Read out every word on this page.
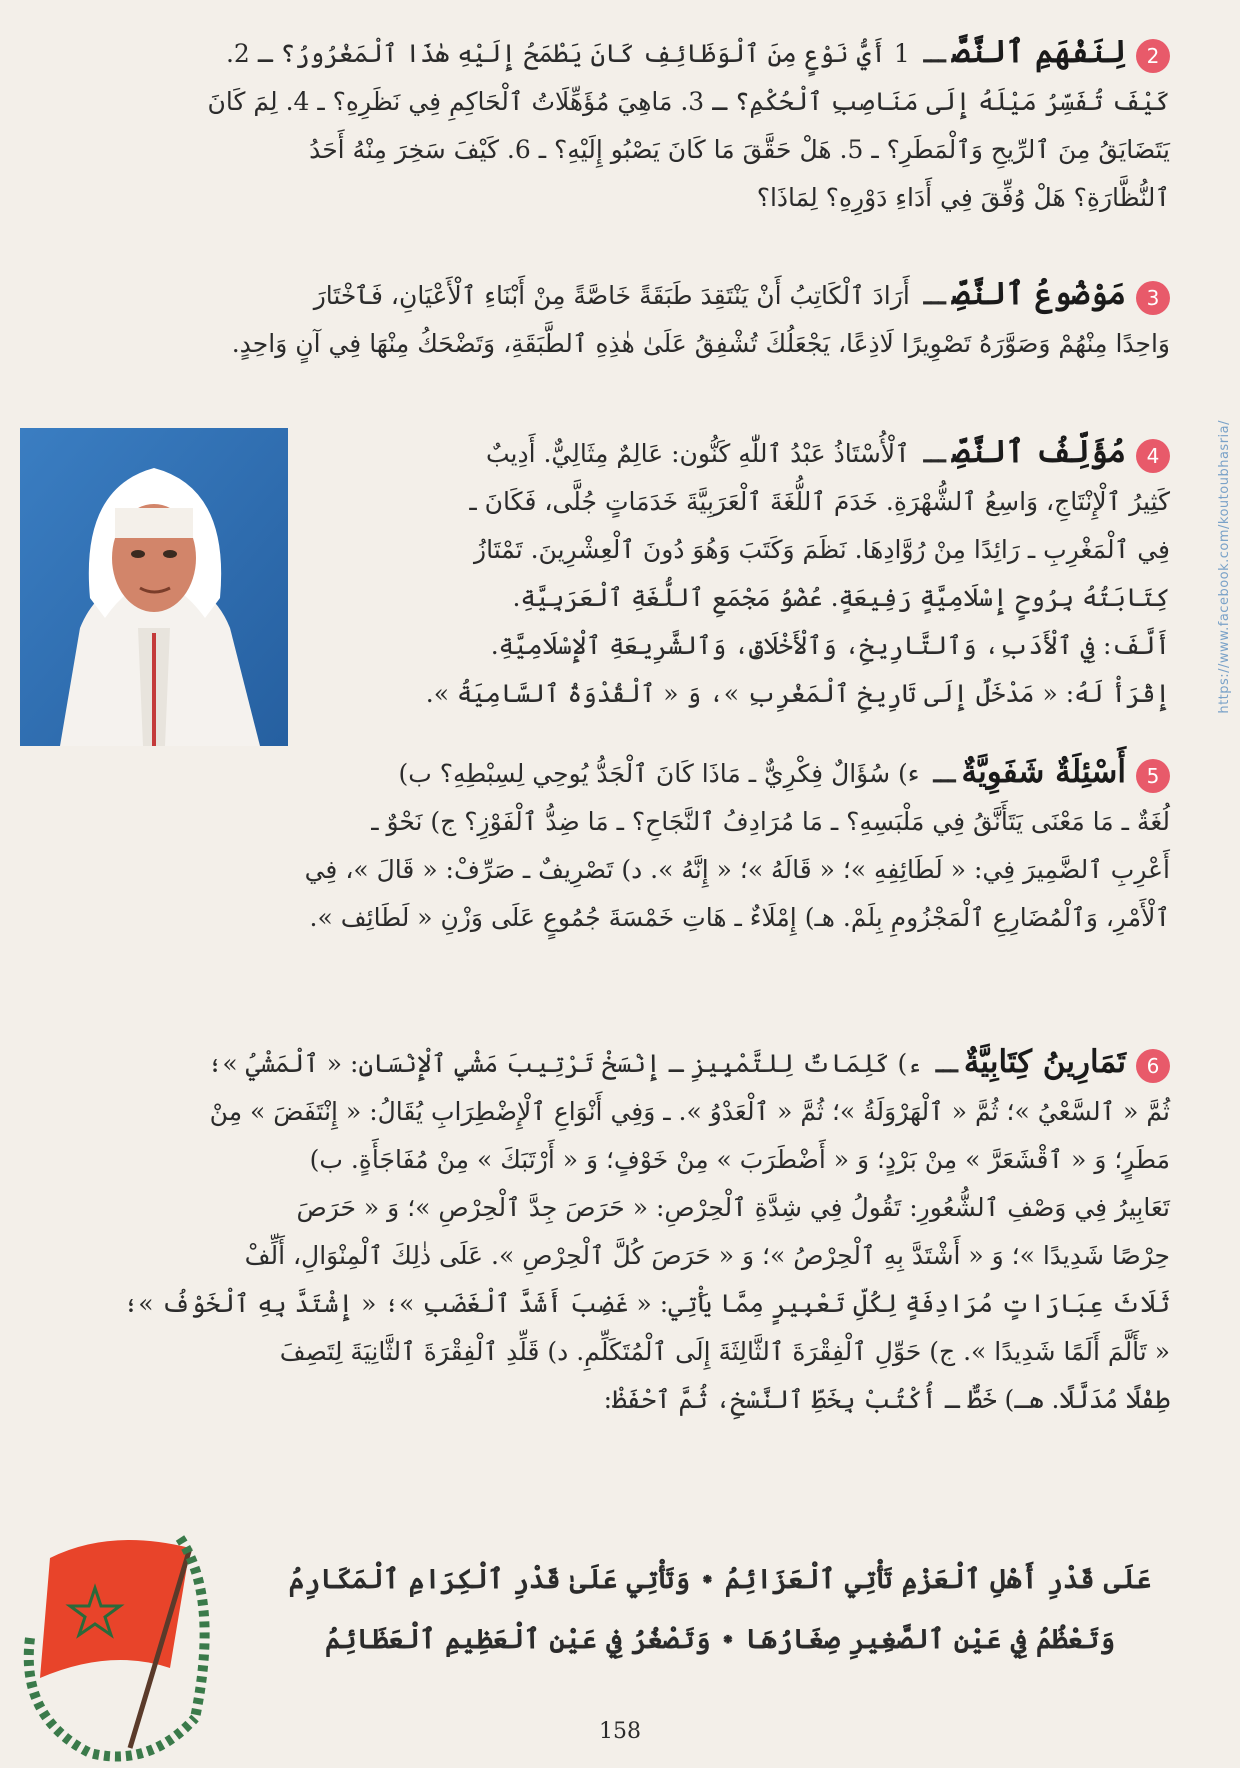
2لِنَفْهَمِ ٱلنَّصَّـــ 1 أَيُّ نَوْعٍ مِنَ ٱلْوَظَائِفِ كَانَ يَطْمَحُ إِلَيْهِ هٰذَا ٱلْمَغْرُورُ؟ ـ 2.
كَيْفَ تُفَسِّرُ مَيْلَهُ إِلَى مَنَاصِبِ ٱلْحُكْمِ؟ ـ 3. مَاهِيَ مُؤَهِّلَاتُ ٱلْحَاكِمِ فِي نَظَرِهِ؟ ـ 4. لِمَ كَانَ
يَتَضَايَقُ مِنَ ٱلرِّيحِ وَٱلْمَطَرِ؟ ـ 5. هَلْ حَقَّقَ مَا كَانَ يَصْبُو إِلَيْهِ؟ ـ 6. كَيْفَ سَخِرَ مِنْهُ أَحَدُ
ٱلنُّظَّارَةِ؟ هَلْ وُفِّقَ فِي أَدَاءِ دَوْرِهِ؟ لِمَاذَا؟
3مَوْضُوعُ ٱلنَّصِّـــ أَرَادَ ٱلْكَاتِبُ أَنْ يَنْتَقِدَ طَبَقَةً خَاصَّةً مِنْ أَبْنَاءِ ٱلْأَعْيَانِ، فَٱخْتَارَ
وَاحِدًا مِنْهُمْ وَصَوَّرَهُ تَصْوِيرًا لَاذِعًا، يَجْعَلُكَ تُشْفِقُ عَلَىٰ هٰذِهِ ٱلطَّبَقَةِ، وَتَضْحَكُ مِنْهَا فِي آنٍ وَاحِدٍ.
4مُؤَلِّفُ ٱلنَّصِّـــ ٱلْأُسْتَاذُ عَبْدُ ٱللّٰهِ كَنُّون: عَالِمٌ مِثَالِيٌّ. أَدِيبٌ
كَثِيرُ ٱلْإِنْتَاجِ، وَاسِعُ ٱلشُّهْرَةِ. خَدَمَ ٱللُّغَةَ ٱلْعَرَبِيَّةَ خَدَمَاتٍ جُلَّى، فَكَانَ ـ
فِي ٱلْمَغْرِبِ ـ رَائِدًا مِنْ رُوَّادِهَا. نَظَمَ وَكَتَبَ وَهُوَ دُونَ ٱلْعِشْرِينَ. تَمْتَازُ
كِتَابَتُهُ بِرُوحٍ إِسْلَامِيَّةٍ رَفِيعَةٍ. عُضْوُ مَجْمَعِ ٱللُّغَةِ ٱلْعَرَبِيَّةِ.
أَلَّفَ: فِي ٱلْأَدَبِ، وَٱلتَّارِيخِ، وَٱلْأَخْلَاقِ، وَٱلشَّرِيعَةِ ٱلْإِسْلَامِيَّةِ.
إِقْرَأْ لَهُ: « مَدْخَلٌ إِلَى تَارِيخِ ٱلْمَغْرِبِ »، وَ « ٱلْقُدْوَةُ ٱلسَّامِيَةُ ».
5أَسْئِلَةٌ شَفَوِيَّةٌـــ ء) سُؤَالٌ فِكْرِيٌّ ـ مَاذَا كَانَ ٱلْجَدُّ يُوحِي لِسِبْطِهِ؟ ب)
لُغَةٌ ـ مَا مَعْنَى يَتَأَنَّقُ فِي مَلْبَسِهِ؟ ـ مَا مُرَادِفُ ٱلنَّجَاحِ؟ ـ مَا ضِدُّ ٱلْفَوْزِ؟ ج) نَحْوٌ ـ
أَعْرِبِ ٱلضَّمِيرَ فِي: « لَطَائِفِهِ »؛ « قَالَهُ »؛ « إِنَّهُ ». د) تَصْرِيفٌ ـ صَرِّفْ: « قَالَ »، فِي
ٱلْأَمْرِ، وَٱلْمُضَارِعِ ٱلْمَجْزُومِ بِلَمْ. هـ) إِمْلَاءٌ ـ هَاتِ خَمْسَةَ جُمُوعٍ عَلَى وَزْنِ « لَطَائِف ».
6تَمَارِينُ كِتَابِيَّةٌـــ ء) كَلِمَاتٌ لِلتَّمْيِيزِ ـ إِنْسَخْ تَرْتِيبَ مَشْيِ ٱلْإِنْسَانِ: « ٱلْمَشْيُ »؛
ثُمَّ « ٱلسَّعْيُ »؛ ثُمَّ « ٱلْهَرْوَلَةُ »؛ ثُمَّ « ٱلْعَدْوُ ». ـ وَفِي أَنْوَاعِ ٱلْإِضْطِرَابِ يُقَالُ: « إِنْتَفَضَ » مِنْ
مَطَرٍ؛ وَ « ٱقْشَعَرَّ » مِنْ بَرْدٍ؛ وَ « أَضْطَرَبَ » مِنْ خَوْفٍ؛ وَ « أَرْتَبَكَ » مِنْ مُفَاجَأَةٍ. ب)
تَعَابِيرُ فِي وَصْفِ ٱلشُّعُورِ: تَقُولُ فِي شِدَّةِ ٱلْحِرْصِ: « حَرَصَ جِدَّ ٱلْحِرْصِ »؛ وَ « حَرَصَ
حِرْصًا شَدِيدًا »؛ وَ « أَشْتَدَّ بِهِ ٱلْحِرْصُ »؛ وَ « حَرَصَ كُلَّ ٱلْحِرْصِ ». عَلَى ذٰلِكَ ٱلْمِنْوَالِ، أَلِّفْ
ثَلَاثَ عِبَارَاتٍ مُرَادِفَةٍ لِكُلِّ تَعْبِيرٍ مِمَّا يَأْتِي: « غَضِبَ أَشَدَّ ٱلْغَضَبِ »؛ « إِشْتَدَّ بِهِ ٱلْخَوْفُ »؛
« تَأَلَّمَ أَلَمًا شَدِيدًا ». ج) حَوِّلِ ٱلْفِقْرَةَ ٱلثَّالِثَةَ إِلَى ٱلْمُتَكَلِّمِ. د) قَلِّدِ ٱلْفِقْرَةَ ٱلثَّانِيَةَ لِتَصِفَ
طِفْلًا مُدَلَّلًا. هـ) خَطٌّ ـ أُكْتُبْ بِخَطِّ ٱلنَّسْخِ، ثُمَّ ٱحْفَظْ:
عَلَى قَدْرِ أَهْلِ ٱلْعَزْمِ تَأْتِي ٱلْعَزَائِمُ ٭ وَتَأْتِي عَلَىٰ قَدْرِ ٱلْكِرَامِ ٱلْمَكَارِمُ
وَتَعْظُمُ فِي عَيْنِ ٱلصَّغِيرِ صِغَارُهَا ٭ وَتَصْغُرُ فِي عَيْنِ ٱلْعَظِيمِ ٱلْعَظَائِمُ
https://www.facebook.com/koutoubhasria/
158
